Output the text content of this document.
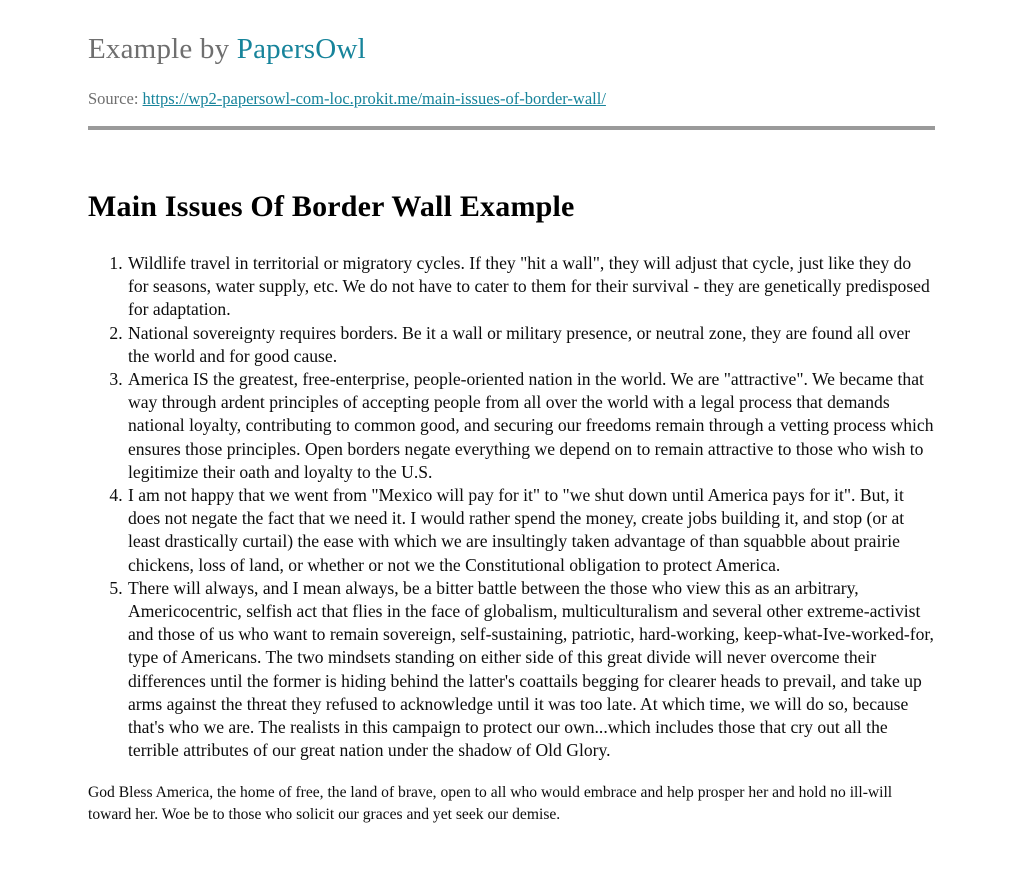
Example by PapersOwl

Source: https://wp2-papersowl-com-loc.prokit.me/main-issues-of-border-wall/

Main Issues Of Border Wall Example
1. Wildlife travel in territorial or migratory cycles. If they "hit a wall", they will adjust that cycle, just like they do for seasons, water supply, etc. We do not have to cater to them for their survival - they are genetically predisposed for adaptation.
2. National sovereignty requires borders. Be it a wall or military presence, or neutral zone, they are found all over the world and for good cause.
3. America IS the greatest, free-enterprise, people-oriented nation in the world. We are "attractive". We became that way through ardent principles of accepting people from all over the world with a legal process that demands national loyalty, contributing to common good, and securing our freedoms remain through a vetting process which ensures those principles. Open borders negate everything we depend on to remain attractive to those who wish to legitimize their oath and loyalty to the U.S.
4. I am not happy that we went from "Mexico will pay for it" to "we shut down until America pays for it". But, it does not negate the fact that we need it. I would rather spend the money, create jobs building it, and stop (or at least drastically curtail) the ease with which we are insultingly taken advantage of than squabble about prairie chickens, loss of land, or whether or not we the Constitutional obligation to protect America.
5. There will always, and I mean always, be a bitter battle between the those who view this as an arbitrary, Americocentric, selfish act that flies in the face of globalism, multiculturalism and several other extreme-activist and those of us who want to remain sovereign, self-sustaining, patriotic, hard-working, keep-what-Ive-worked-for, type of Americans. The two mindsets standing on either side of this great divide will never overcome their differences until the former is hiding behind the latter's coattails begging for clearer heads to prevail, and take up arms against the threat they refused to acknowledge until it was too late. At which time, we will do so, because that's who we are. The realists in this campaign to protect our own...which includes those that cry out all the terrible attributes of our great nation under the shadow of Old Glory.

God Bless America, the home of free, the land of brave, open to all who would embrace and help prosper her and hold no ill-will toward her. Woe be to those who solicit our graces and yet seek our demise.
